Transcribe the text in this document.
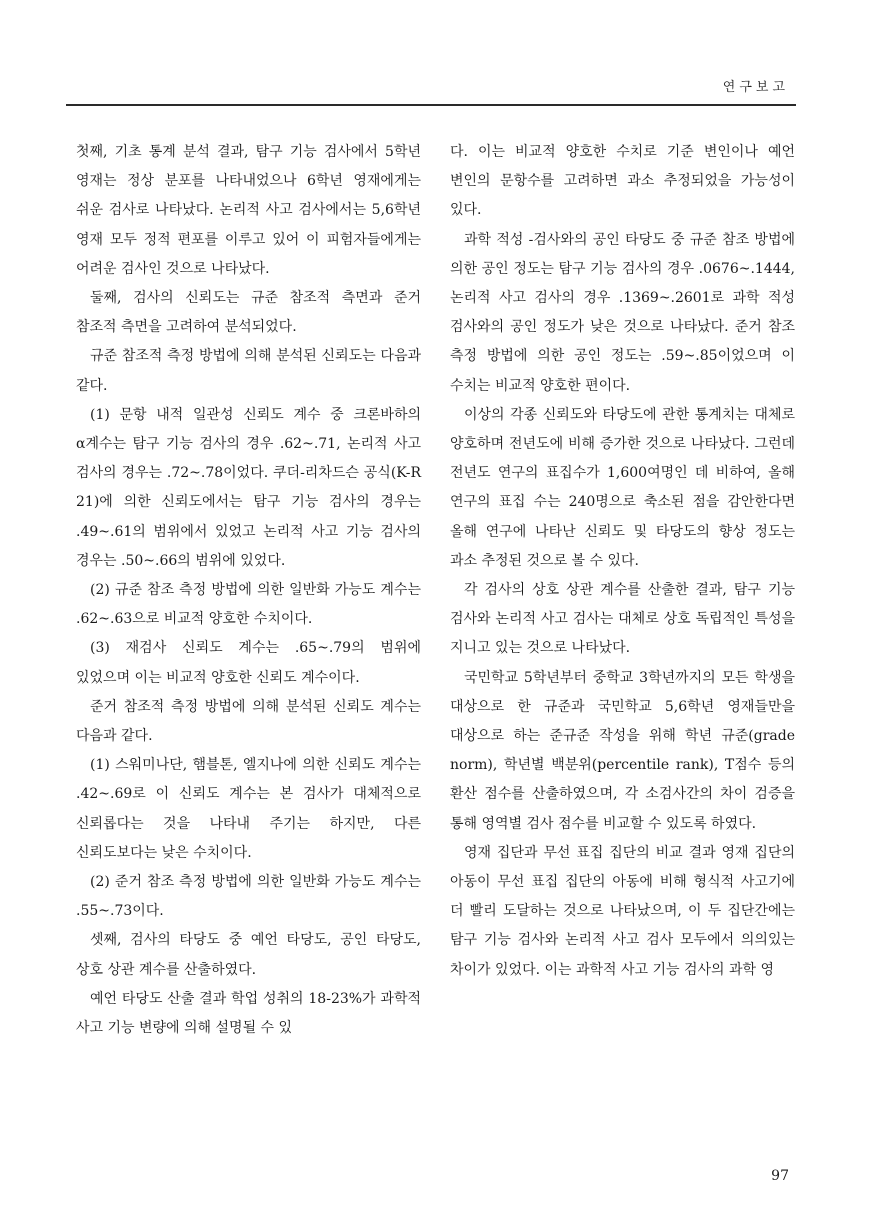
연구보고

첫째, 기초 통계 분석 결과, 탐구 기능 검사에서 5학년 영재는 정상 분포를 나타내었으나 6학년 영재에게는 쉬운 검사로 나타났다. 논리적 사고 검사에서는 5,6학년 영재 모두 정적 편포를 이루고 있어 이 피험자들에게는 어려운 검사인 것으로 나타났다.

둘째, 검사의 신뢰도는 규준 참조적 측면과 준거 참조적 측면을 고려하여 분석되었다.

규준 참조적 측정 방법에 의해 분석된 신뢰도는 다음과 같다.

(1) 문항 내적 일관성 신뢰도 계수 중 크론바하의 α계수는 탐구 기능 검사의 경우 .62~.71, 논리적 사고 검사의 경우는 .72~.78이었다. 쿠더-리차드슨 공식(K-R 21)에 의한 신뢰도에서는 탐구 기능 검사의 경우는 .49~.61의 범위에서 있었고 논리적 사고 기능 검사의 경우는 .50~.66의 범위에 있었다.

(2) 규준 참조 측정 방법에 의한 일반화 가능도 계수는 .62~.63으로 비교적 양호한 수치이다.

(3) 재검사 신뢰도 계수는 .65~.79의 범위에 있었으며 이는 비교적 양호한 신뢰도 계수이다.

준거 참조적 측정 방법에 의해 분석된 신뢰도 계수는 다음과 같다.

(1) 스워미나단, 햄블톤, 엘지나에 의한 신뢰도 계수는 .42~.69로 이 신뢰도 계수는 본 검사가 대체적으로 신뢰롭다는 것을 나타내 주기는 하지만, 다른 신뢰도보다는 낮은 수치이다.

(2) 준거 참조 측정 방법에 의한 일반화 가능도 계수는 .55~.73이다.

셋째, 검사의 타당도 중 예언 타당도, 공인 타당도, 상호 상관 계수를 산출하였다.

예언 타당도 산출 결과 학업 성취의 18-23%가 과학적 사고 기능 변량에 의해 설명될 수 있

다. 이는 비교적 양호한 수치로 기준 변인이나 예언 변인의 문항수를 고려하면 과소 추정되었을 가능성이 있다.

과학 적성 -검사와의 공인 타당도 중 규준 참조 방법에 의한 공인 정도는 탐구 기능 검사의 경우 .0676~.1444, 논리적 사고 검사의 경우 .1369~.2601로 과학 적성 검사와의 공인 정도가 낮은 것으로 나타났다. 준거 참조 측정 방법에 의한 공인 정도는 .59~.85이었으며 이 수치는 비교적 양호한 편이다.

이상의 각종 신뢰도와 타당도에 관한 통계치는 대체로 양호하며 전년도에 비해 증가한 것으로 나타났다. 그런데 전년도 연구의 표집수가 1,600여명인 데 비하여, 올해 연구의 표집 수는 240명으로 축소된 점을 감안한다면 올해 연구에 나타난 신뢰도 및 타당도의 향상 정도는 과소 추정된 것으로 볼 수 있다.

각 검사의 상호 상관 계수를 산출한 결과, 탐구 기능 검사와 논리적 사고 검사는 대체로 상호 독립적인 특성을 지니고 있는 것으로 나타났다.

국민학교 5학년부터 중학교 3학년까지의 모든 학생을 대상으로 한 규준과 국민학교 5,6학년 영재들만을 대상으로 하는 준규준 작성을 위해 학년 규준(grade norm), 학년별 백분위(percentile rank), T점수 등의 환산 점수를 산출하였으며, 각 소검사간의 차이 검증을 통해 영역별 검사 점수를 비교할 수 있도록 하였다.

영재 집단과 무선 표집 집단의 비교 결과 영재 집단의 아동이 무선 표집 집단의 아동에 비해 형식적 사고기에 더 빨리 도달하는 것으로 나타났으며, 이 두 집단간에는 탐구 기능 검사와 논리적 사고 검사 모두에서 의의있는 차이가 있었다. 이는 과학적 사고 기능 검사의 과학 영

97
